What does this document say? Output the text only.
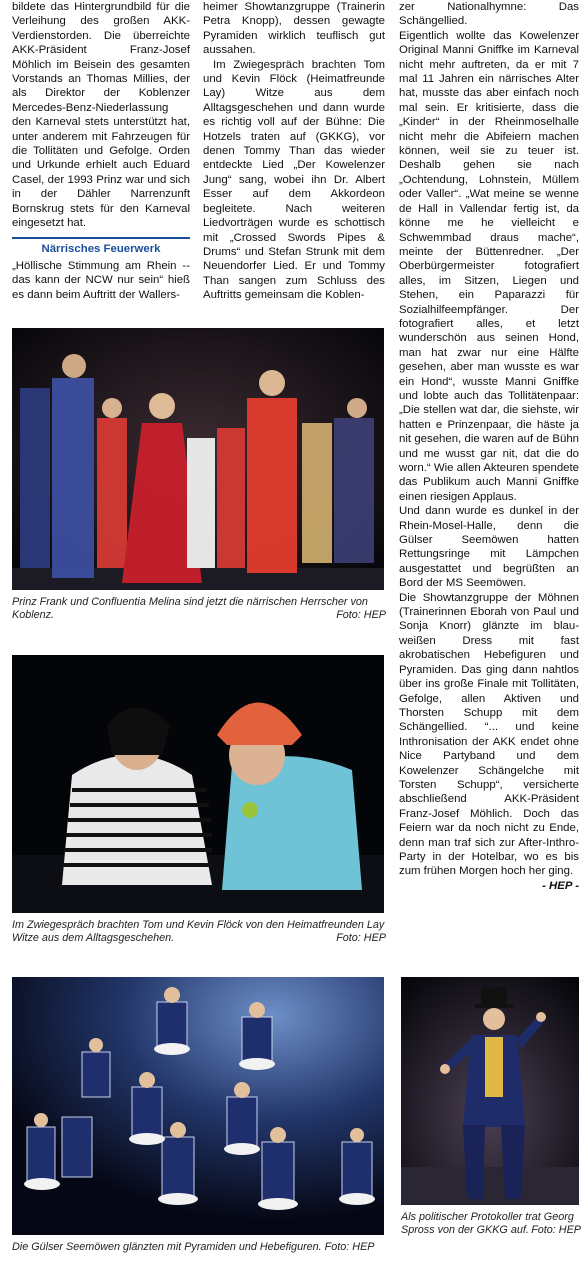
bildete das Hintergrundbild für die Verleihung des großen AKK-Verdienstorden. Die überreichte AKK-Präsident Franz-Josef Möhlich im Beisein des gesamten Vorstands an Thomas Millies, der als Direktor der Koblenzer Mercedes-Benz-Niederlassung den Karneval stets unterstützt hat, unter anderem mit Fahrzeugen für die Tollitäten und Gefolge. Orden und Urkunde erhielt auch Eduard Casel, der 1993 Prinz war und sich in der Dähler Narrenzunft Bornskrug stets für den Karneval eingesetzt hat.

Närrisches Feuerwerk

„Höllische Stimmung am Rhein -- das kann der NCW nur sein“ hieß es dann beim Auftritt der Wallers-

heimer Showtanzgruppe (Trainerin Petra Knopp), dessen gewagte Pyramiden wirklich teuflisch gut aussahen.

Im Zwiegespräch brachten Tom und Kevin Flöck (Heimatfreunde Lay) Witze aus dem Alltagsgeschehen und dann wurde es richtig voll auf der Bühne: Die Hotzels traten auf (GKKG), vor denen Tommy Than das wieder entdeckte Lied „Der Kowelenzer Jung“ sang, wobei ihn Dr. Albert Esser auf dem Akkordeon begleitete. Nach weiteren Liedvorträgen wurde es schottisch mit „Crossed Swords Pipes & Drums“ und Stefan Strunk mit dem Neuendorfer Lied. Er und Tommy Than sangen zum Schluss des Auftritts gemeinsam die Koblen-

zer Nationalhymne: Das Schängellied.

Eigentlich wollte das Kowelenzer Original Manni Gniffke im Karneval nicht mehr auftreten, da er mit 7 mal 11 Jahren ein närrisches Alter hat, musste das aber einfach noch mal sein. Er kritisierte, dass die „Kinder“ in der Rheinmoselhalle nicht mehr die Abifeiern machen können, weil sie zu teuer ist. Deshalb gehen sie nach „Ochtendung, Lohnstein, Müllem oder Valler“. „Wat meine se wenne de Hall in Vallendar fertig ist, da könne me he vielleicht e Schwemmbad draus mache“, meinte der Büttenredner. „Der Oberbürgermeister fotografiert alles, im Sitzen, Liegen und Stehen, ein Paparazzi für Sozialhilfeempfänger. Der fotografiert alles, et letzt wunderschön aus seinen Hond, man hat zwar nur eine Hälfte gesehen, aber man wusste es war ein Hond“, wusste Manni Gniffke und lobte auch das Tollitätenpaar: „Die stellen wat dar, die siehste, wir hatten e Prinzenpaar, die häste ja nit gesehen, die waren auf de Bühn und me wusst gar nit, dat die do worn.“ Wie allen Akteuren spendete das Publikum auch Manni Gniffke einen riesigen Applaus.

Und dann wurde es dunkel in der Rhein-Mosel-Halle, denn die Gülser Seemöwen hatten Rettungsringe mit Lämpchen ausgestattet und begrüßten an Bord der MS Seemöwen.

Die Showtanzgruppe der Möhnen (Trainerinnen Eborah von Paul und Sonja Knorr) glänzte im blau-weißen Dress mit fast akrobatischen Hebefiguren und Pyramiden. Das ging dann nahtlos über ins große Finale mit Tollitäten, Gefolge, allen Aktiven und Thorsten Schupp mit dem Schängellied. “... und keine Inthronisation der AKK endet ohne Nice Partyband und dem Kowelenzer Schängelche mit Torsten Schupp“, versicherte abschließend AKK-Präsident Franz-Josef Möhlich. Doch das Feiern war da noch nicht zu Ende, denn man traf sich zur After-Inthro-Party in der Hotelbar, wo es bis zum frühen Morgen hoch her ging.

- HEP -
Prinz Frank und Confluentia Melina sind jetzt die närrischen Herrscher von Koblenz.	Foto: HEP
Im Zwiegespräch brachten Tom und Kevin Flöck von den Heimatfreunden Lay Witze aus dem Alltagsgeschehen.	Foto: HEP
Die Gülser Seemöwen glänzten mit Pyramiden und Hebefiguren. Foto: HEP
Als politischer Protokoller trat Georg Spross von der GKKG auf. Foto: HEP
